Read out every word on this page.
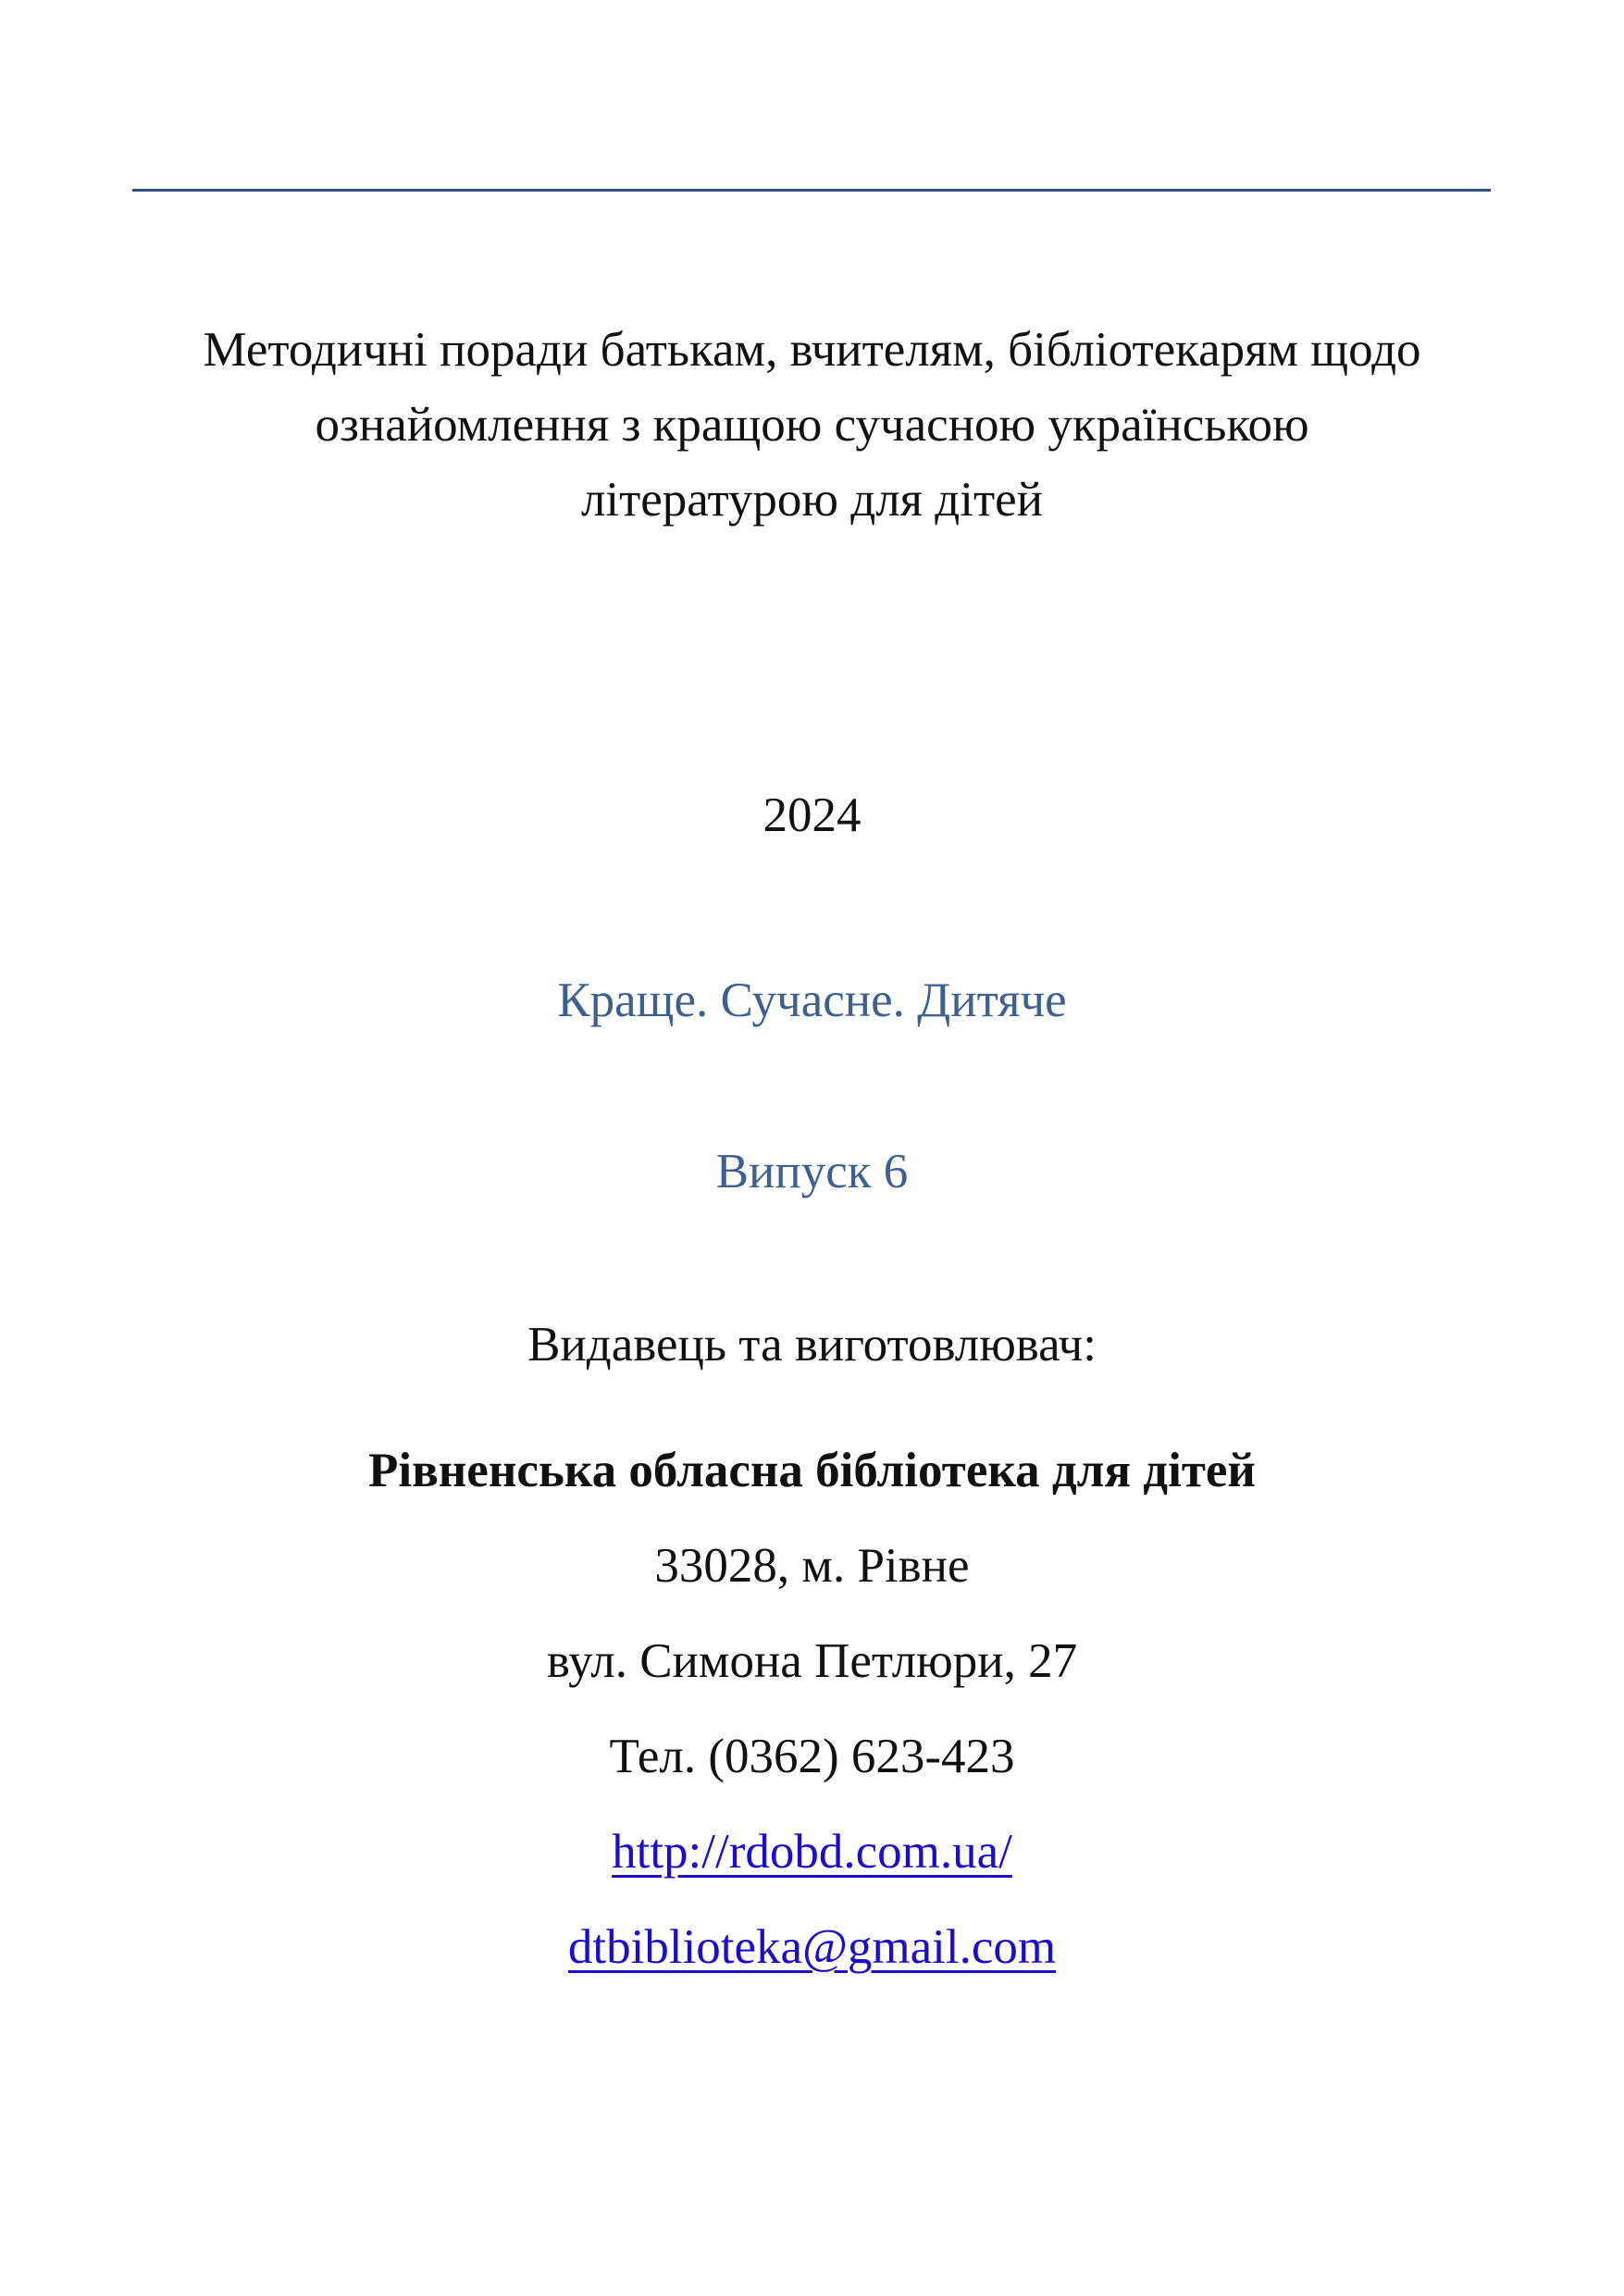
Методичні поради батькам, вчителям, бібліотекарям щодо
ознайомлення з кращою сучасною українською
літературою для дітей
2024
Краще. Сучасне. Дитяче
Випуск 6
Видавець та виготовлювач:
Рівненська обласна бібліотека для дітей
33028, м. Рівне
вул. Симона Петлюри, 27
Тел. (0362) 623-423
http://rdobd.com.ua/
dtbiblioteka@gmail.com
